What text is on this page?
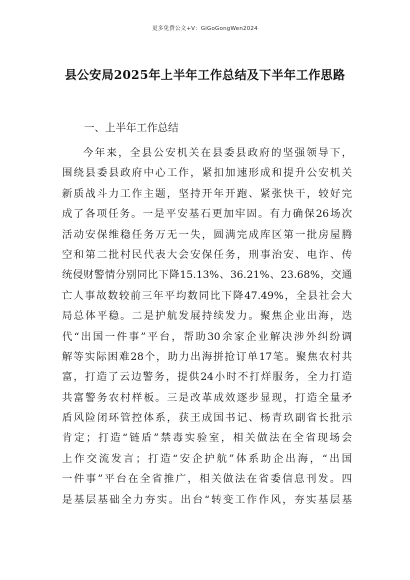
更多免費公文+V：GiGoGongWen2024
县公安局2025年上半年工作总结及下半年工作思路
一、上半年工作总结
今年来，全县公安机关在县委县政府的坚强领导下，
围绕县委县政府中心工作，紧扣加速形成和提升公安机关
新质战斗力工作主题，坚持开年开跑、紧张快干，较好完
成了各项任务。一是平安基石更加牢固。有力确保26场次
活动安保维稳任务万无一失，圆满完成库区第一批房屋腾
空和第二批村民代表大会安保任务，刑事治安、电诈、传
统侵财警情分别同比下降15.13%、36.21%、23.68%，交通
亡人事故数较前三年平均数同比下降47.49%，全县社会大
局总体平稳。二是护航发展持续发力。聚焦企业出海，迭
代“出国一件事”平台，帮助30余家企业解决涉外纠纷调
解等实际困难28个，助力出海拼抢订单17笔。聚焦农村共
富，打造了云边警务，提供24小时不打烊服务，全力打造
共富警务农村样板。三是改革成效逐步显现，打造全量矛
盾风险闭环管控体系，获王成国书记、杨青玖副省长批示
肯定；打造“链盾”禁毒实验室，相关做法在全省现场会
上作交流发言；打造“安企护航”体系助企出海，“出国
一件事”平台在全省推广，相关做法在省委信息刊发。四
是基层基础全力夯实。出台“转变工作作风，夯实基层基
